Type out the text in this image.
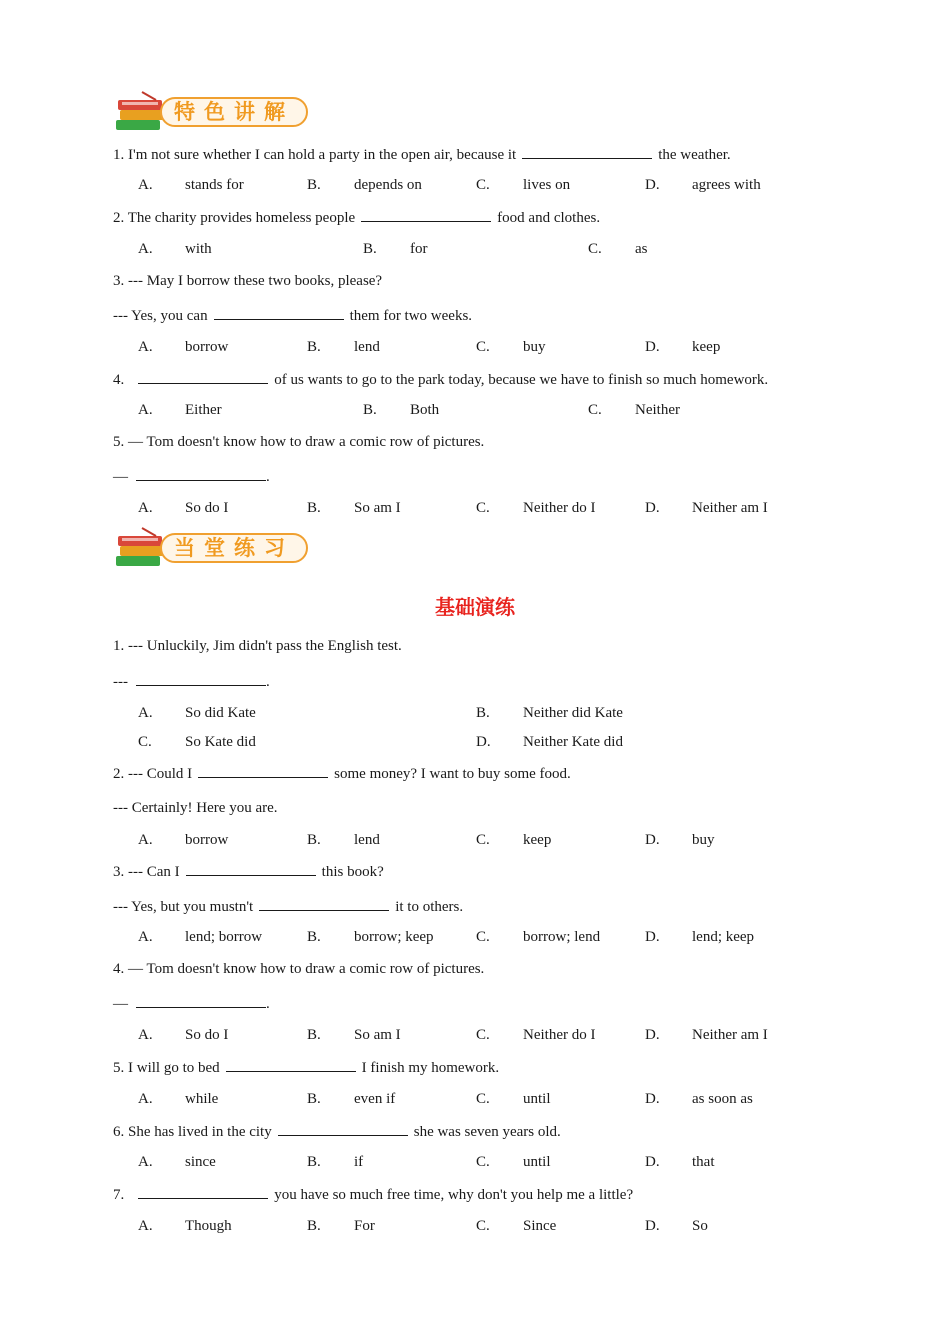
特色讲解
1. I'm not sure whether I can hold a party in the open air, because it	the weather.
A. stands for	B. depends on	C. lives on	D. agrees with
2. The charity provides homeless people	food and clothes.
A. with	B. for	C. as
3. --- May I borrow these two books, please?
--- Yes, you can	them for two weeks.
A. borrow	B. lend	C. buy	D. keep
4.	of us wants to go to the park today, because we have to finish so much homework.
A. Either	B. Both	C. Neither
5. — Tom doesn't know how to draw a comic row of pictures.
—	.
A. So do I	B. So am I	C. Neither do I	D. Neither am I
当堂练习
基础演练
1. --- Unluckily, Jim didn't pass the English test.
---	.
A. So did Kate	B. Neither did Kate
C. So Kate did	D. Neither Kate did
2. --- Could I	some money? I want to buy some food.
--- Certainly! Here you are.
A. borrow	B. lend	C. keep	D. buy
3. --- Can I	this book?
--- Yes, but you mustn't	it to others.
A. lend; borrow	B. borrow; keep	C. borrow; lend	D. lend; keep
4. — Tom doesn't know how to draw a comic row of pictures.
—	.
A. So do I	B. So am I	C. Neither do I	D. Neither am I
5. I will go to bed	I finish my homework.
A. while	B. even if	C. until	D. as soon as
6. She has lived in the city	she was seven years old.
A. since	B. if	C. until	D. that
7.	you have so much free time, why don't you help me a little?
A. Though	B. For	C. Since	D. So
